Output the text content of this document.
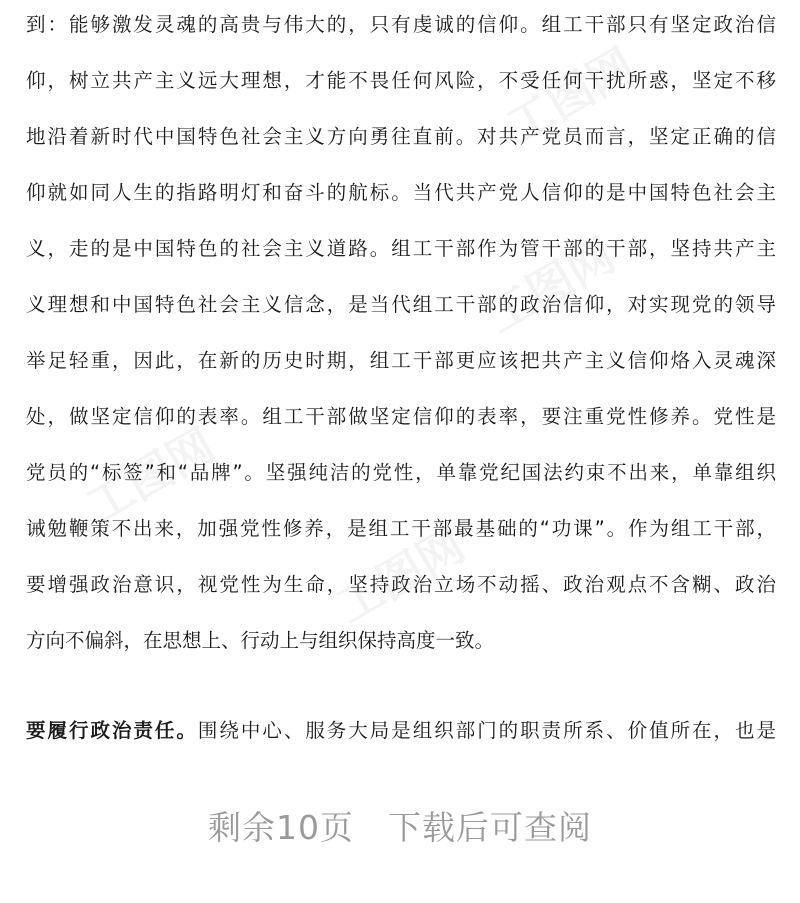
工图网
工图网
工图网
工图网
到：能够激发灵魂的高贵与伟大的，只有虔诚的信仰。组工干部只有坚定政治信
仰，树立共产主义远大理想，才能不畏任何风险，不受任何干扰所惑，坚定不移
地沿着新时代中国特色社会主义方向勇往直前。对共产党员而言，坚定正确的信
仰就如同人生的指路明灯和奋斗的航标。当代共产党人信仰的是中国特色社会主
义，走的是中国特色的社会主义道路。组工干部作为管干部的干部，坚持共产主
义理想和中国特色社会主义信念，是当代组工干部的政治信仰，对实现党的领导
举足轻重，因此，在新的历史时期，组工干部更应该把共产主义信仰烙入灵魂深
处，做坚定信仰的表率。组工干部做坚定信仰的表率，要注重党性修养。党性是
党员的“标签”和“品牌”。坚强纯洁的党性，单靠党纪国法约束不出来，单靠组织
诫勉鞭策不出来，加强党性修养，是组工干部最基础的“功课”。作为组工干部，
要增强政治意识，视党性为生命，坚持政治立场不动摇、政治观点不含糊、政治
方向不偏斜，在思想上、行动上与组织保持高度一致。
要履行政治责任。围绕中心、服务大局是组织部门的职责所系、价值所在，也是
剩余10页　下载后可查阅
